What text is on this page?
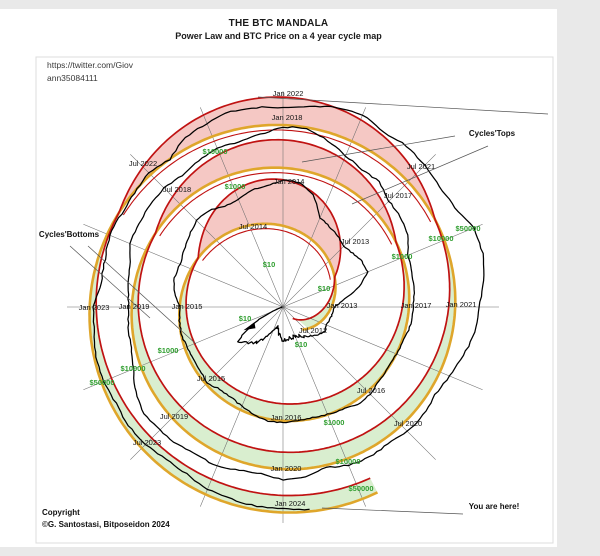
Jan 2022
Jan 2018
Jan 2014
Jul 2022
Jul 2018
Jul 2014
Jul 2013
Jul 2017
Jul 2021
Jan 2013
Jul 2012
Jan 2023 Jan 2019	Jan 2015	Jan 2017 Jan 2021
Jul 2015
Jul 2019
Jul 2023
Jul 2016
Jul 2020
Jan 2016
Jan 2020
Jan 2024
$10
$10
$10
$10
$1000
$10000
$1000
$10000
$50000
$1000
$10000
$50000
$1000
$10000
$50000
Cycles'Tops
Cycles'Bottoms
You are here!
THE BTC MANDALA
Power Law and BTC Price on a 4 year cycle map
https://twitter.com/Giov
ann35084111
Copyright
©G. Santostasi, Bitposeidon 2024
